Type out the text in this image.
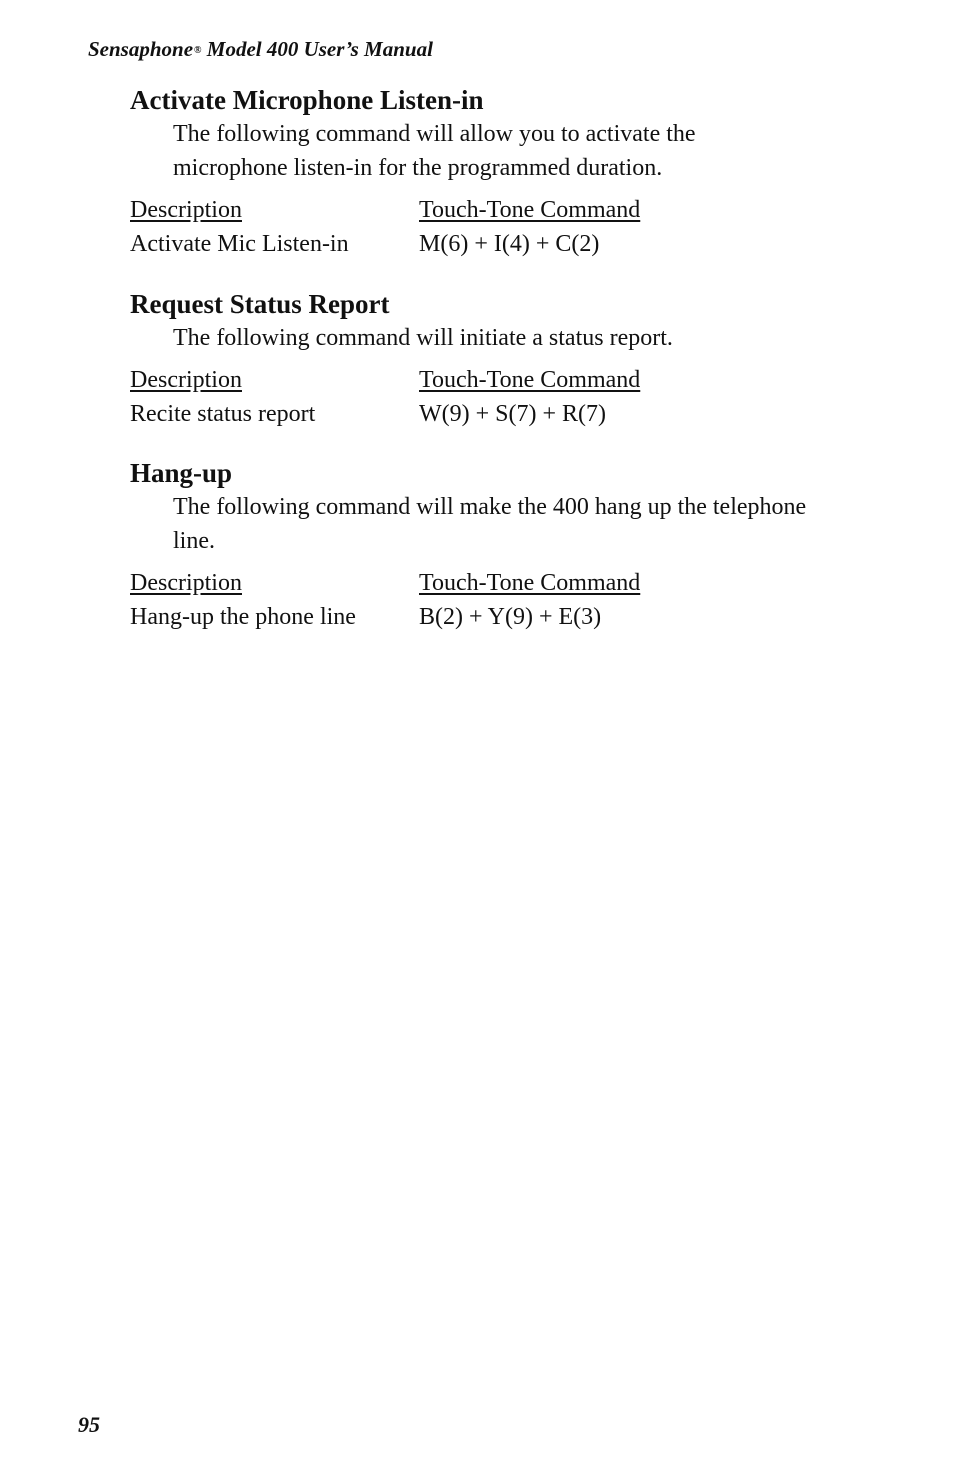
Sensaphone® Model 400 User’s Manual
Activate Microphone Listen-in

The following command will allow you to activate the microphone listen-in for the programmed duration.

Description	Touch-Tone Command
Activate Mic Listen-in	M(6) + I(4) + C(2)
Request Status Report

The following command will initiate a status report.

Description	Touch-Tone Command
Recite status report	W(9) + S(7) + R(7)
Hang-up

The following command will make the 400 hang up the telephone line.

Description	Touch-Tone Command
Hang-up the phone line	B(2) + Y(9) + E(3)
95
